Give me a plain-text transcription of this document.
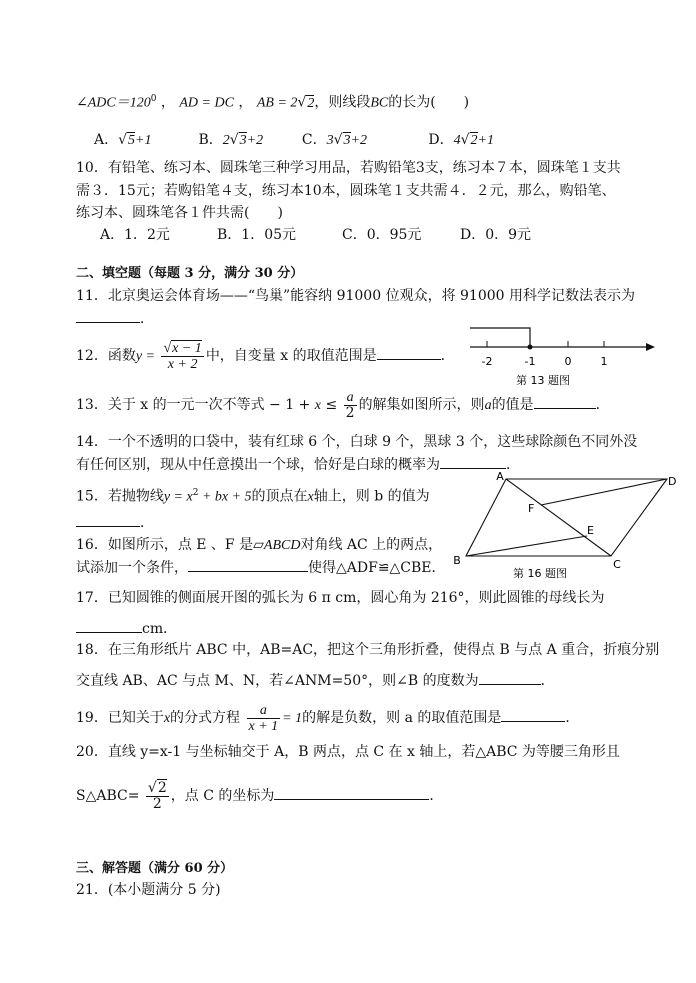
$\angle ADC=120^0$ ， AD = DC ， AB = 2√2，则线段BC的长为(　　)
A．√5+1	B．2√3+2	C．3√3+2	D．4√2+1
10．有铅笔、练习本、圆珠笔三种学习用品，若购铅笔3支，练习本７本，圆珠笔１支共
需３．15元；若购铅笔４支，练习本10本，圆珠笔１支共需４．２元，那么，购铅笔、
练习本、圆珠笔各１件共需(　　)
A．1．2元	B．1．05元	C．0．95元	D．0．9元
二、填空题（每题 3 分，满分 30 分）
11．北京奥运会体育场——“鸟巢”能容纳 91000 位观众，将 91000 用科学记数法表示为
．
12．函数$y = \frac{√x - 1}{x + 2}$ 中，自变量 x 的取值范围是	． -2	-1	0	1
第 13 题图
13．关于 x 的一元一次不等式 − $1 + x \le \frac{a}{2}$ 的解集如图所示，则a的值是	．
14．一个不透明的口袋中，装有红球 6 个，白球 9 个，黑球 3 个，这些球除颜色不同外没
有任何区别，现从中任意摸出一个球，恰好是白球的概率为	．
15．若抛物线$y = x^2$ + bx + 5的顶点在x轴上，则 b 的值为
．
A	D
B	C
F
E
第 16 题图
16．如图所示，点 E 、F 是▱ABCD对角线 AC 上的两点，
试添加一个条件，	使得△ADF≌△CBE．
17．已知圆锥的侧面展开图的弧长为 6 π cm，圆心角为 216°，则此圆锥的母线长为
cm．
18．在三角形纸片 ABC 中，AB=AC，把这个三角形折叠，使得点 B 与点 A 重合，折痕分别
交直线 AB、AC 与点 M、N，若∠ANM=50°，则∠B 的度数为	．
19．已知关于x的分式方程 $\frac{a}{x + 1} = 1$的解是负数，则 a 的取值范围是	．
20．直线 y=x-1 与坐标轴交于 A，B 两点，点 C 在 x 轴上，若△ABC 为等腰三角形且
S△ABC= $\frac{√2}{2}$ ，点 C 的坐标为	．
三、解答题（满分 60 分）
21．(本小题满分 5 分)
